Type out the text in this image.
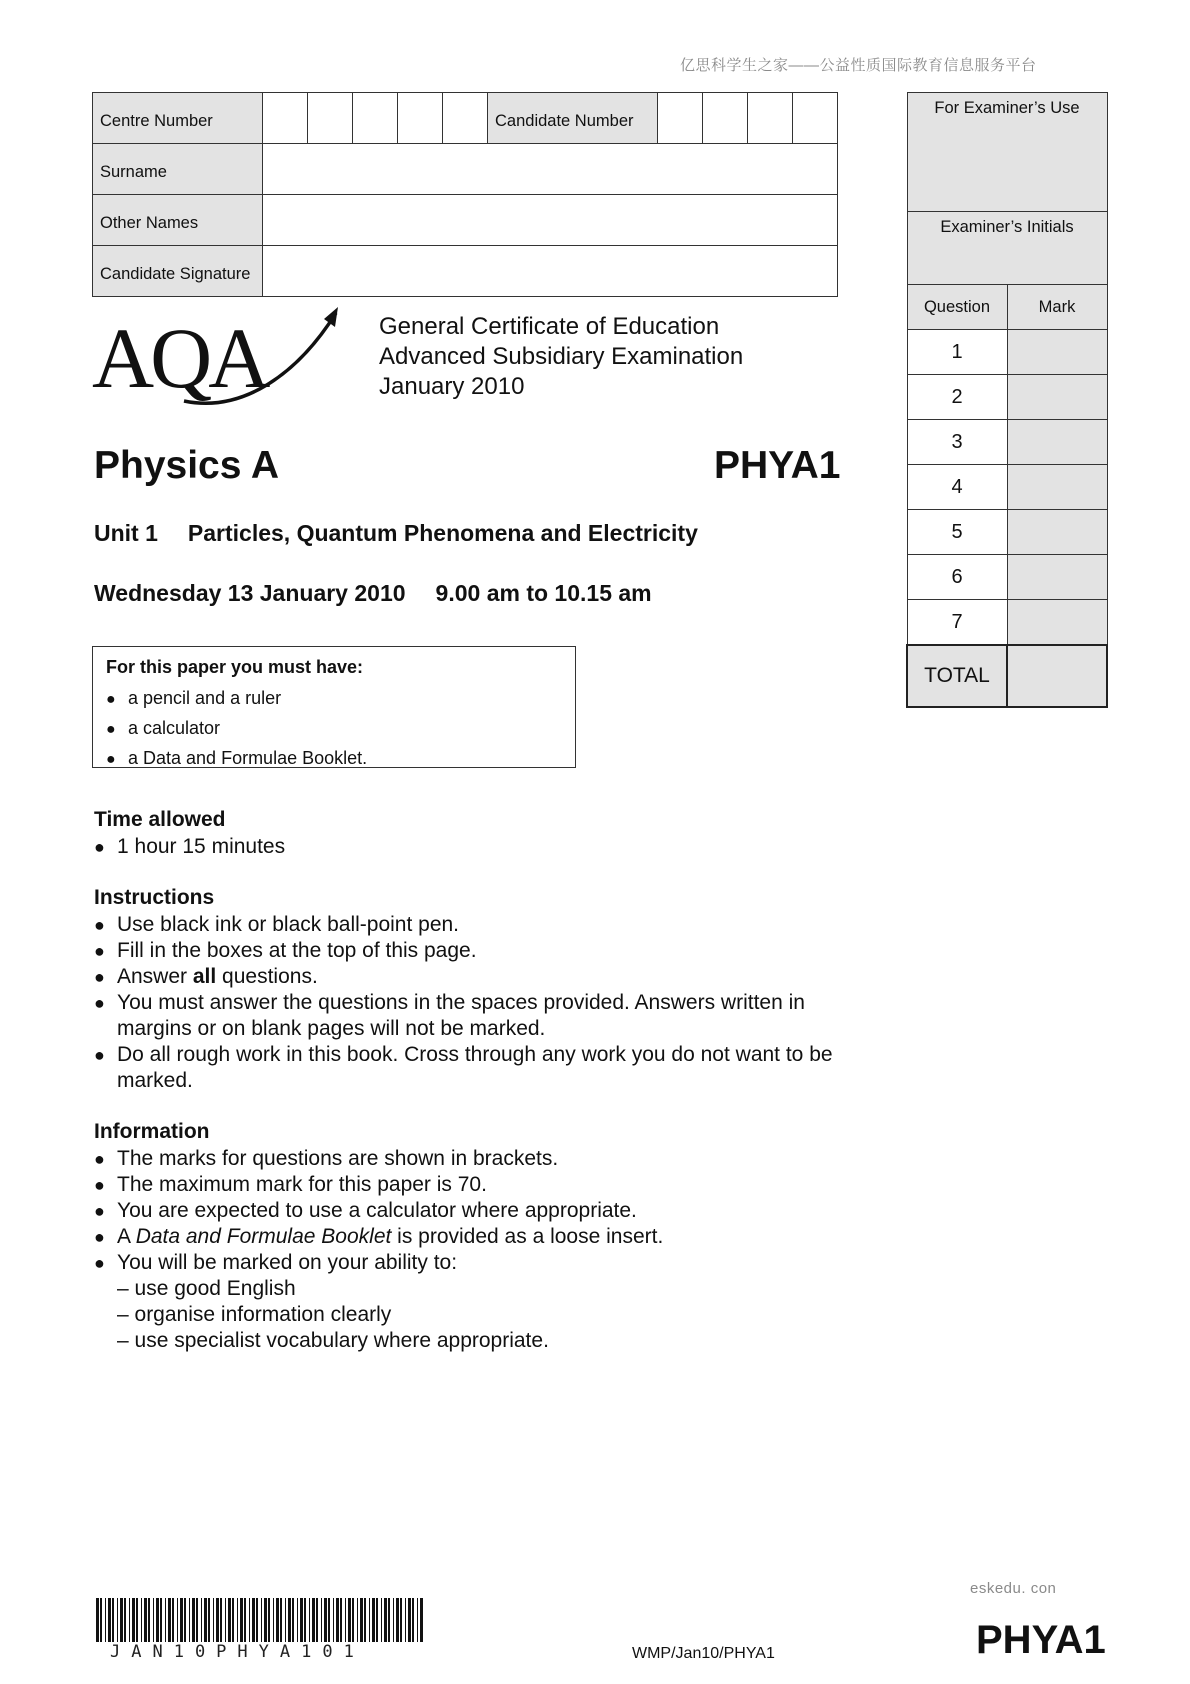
亿思科学生之家——公益性质国际教育信息服务平台
Centre Number						Candidate Number				
Surname										
Other Names										
Candidate Signature										
For Examiner’s Use	
Examiner’s Initials	
Question	Mark
1	
2	
3	
4	
5	
6	
7	
TOTAL	
AQA	General Certificate of Education
Advanced Subsidiary Examination
January 2010
Physics A	PHYA1
Unit 1 Particles, Quantum Phenomena and Electricity
Wednesday 13 January 2010 9.00 am to 10.15 am
For this paper you must have:
● a pencil and a ruler
● a calculator
● a Data and Formulae Booklet.
Time allowed
● 1 hour 15 minutes
Instructions
● Use black ink or black ball-point pen.
● Fill in the boxes at the top of this page.
● Answer all questions.
● You must answer the questions in the spaces provided. Answers written in margins or on blank pages will not be marked.
● Do all rough work in this book. Cross through any work you do not want to be marked.
Information
● The marks for questions are shown in brackets.
● The maximum mark for this paper is 70.
● You are expected to use a calculator where appropriate.
● A Data and Formulae Booklet is provided as a loose insert.
● You will be marked on your ability to:
– use good English
– organise information clearly
– use specialist vocabulary where appropriate.
eskedu. con
JAN10PHYA101	WMP/Jan10/PHYA1	PHYA1
